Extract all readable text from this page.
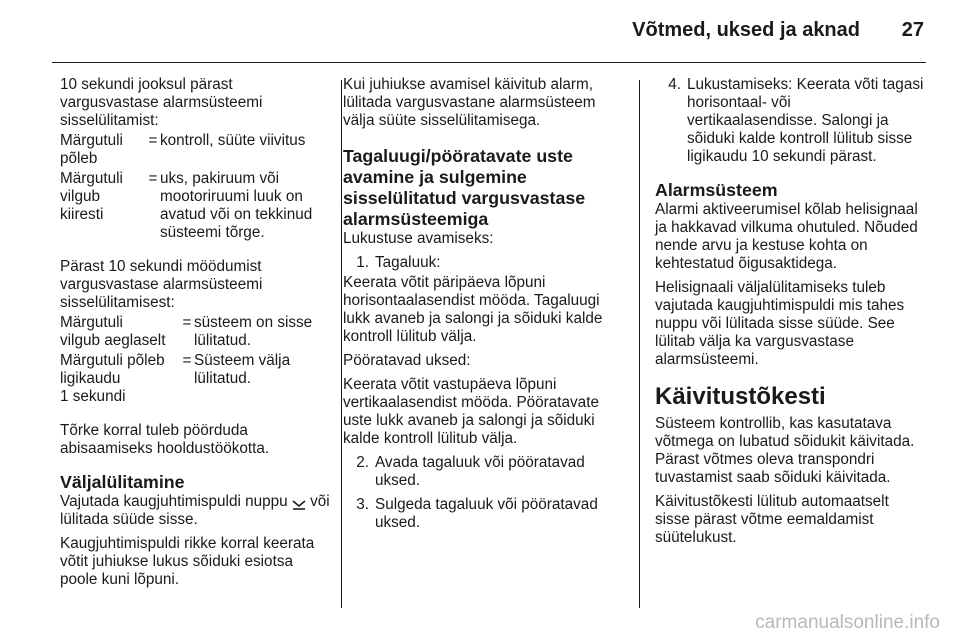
Võtmed, uksed ja aknad	27

10 sekundi jooksul pärast vargusvastase alarmsüsteemi sisselülitamist:

Märgutuli
põleb
= kontroll, süüte viivitus
Märgutuli
vilgub
kiiresti
= uks, pakiruum või mootoriruumi luuk on avatud või on tekkinud süsteemi tõrge.

Pärast 10 sekundi möödumist vargusvastase alarmsüsteemi sisselülitamisest:

Märgutuli
vilgub aeglaselt
= süsteem on sisse lülitatud.
Märgutuli põleb
ligikaudu
1 sekundi
= Süsteem välja lülitatud.

Tõrke korral tuleb pöörduda abisaamiseks hooldustöökotta.

Väljalülitamine

Vajutada kaugjuhtimispuldi nuppu või lülitada süüde sisse.

Kaugjuhtimispuldi rikke korral keerata võtit juhiukse lukus sõiduki esiotsa poole kuni lõpuni.

Kui juhiukse avamisel käivitub alarm, lülitada vargusvastane alarmsüsteem välja süüte sisselülitamisega.

Tagaluugi/pööratavate uste avamine ja sulgemine sisselülitatud vargusvastase alarmsüsteemiga

Lukustuse avamiseks:

1. Tagaluuk:

Keerata võtit päripäeva lõpuni horisontaalasendist mööda. Tagaluugi lukk avaneb ja salongi ja sõiduki kalde kontroll lülitub välja.

Pööratavad uksed:

Keerata võtit vastupäeva lõpuni vertikaalasendist mööda. Pööratavate uste lukk avaneb ja salongi ja sõiduki kalde kontroll lülitub välja.

2. Avada tagaluuk või pööratavad uksed.
3. Sulgeda tagaluuk või pööratavad uksed.
4. Lukustamiseks: Keerata võti tagasi horisontaal- või vertikaalasendisse. Salongi ja sõiduki kalde kontroll lülitub sisse ligikaudu 10 sekundi pärast.
Alarmsüsteem

Alarmi aktiveerumisel kõlab helisignaal ja hakkavad vilkuma ohutuled. Nõuded nende arvu ja kestuse kohta on kehtestatud õigusaktidega.

Helisignaali väljalülitamiseks tuleb vajutada kaugjuhtimispuldi mis tahes nuppu või lülitada sisse süüde. See lülitab välja ka vargusvastase alarmsüsteemi.

Käivitustõkesti

Süsteem kontrollib, kas kasutatava võtmega on lubatud sõidukit käivitada. Pärast võtmes oleva transpondri tuvastamist saab sõiduki käivitada.

Käivitustõkesti lülitub automaatselt sisse pärast võtme eemaldamist süütelukust.

carmanualsonline.info
